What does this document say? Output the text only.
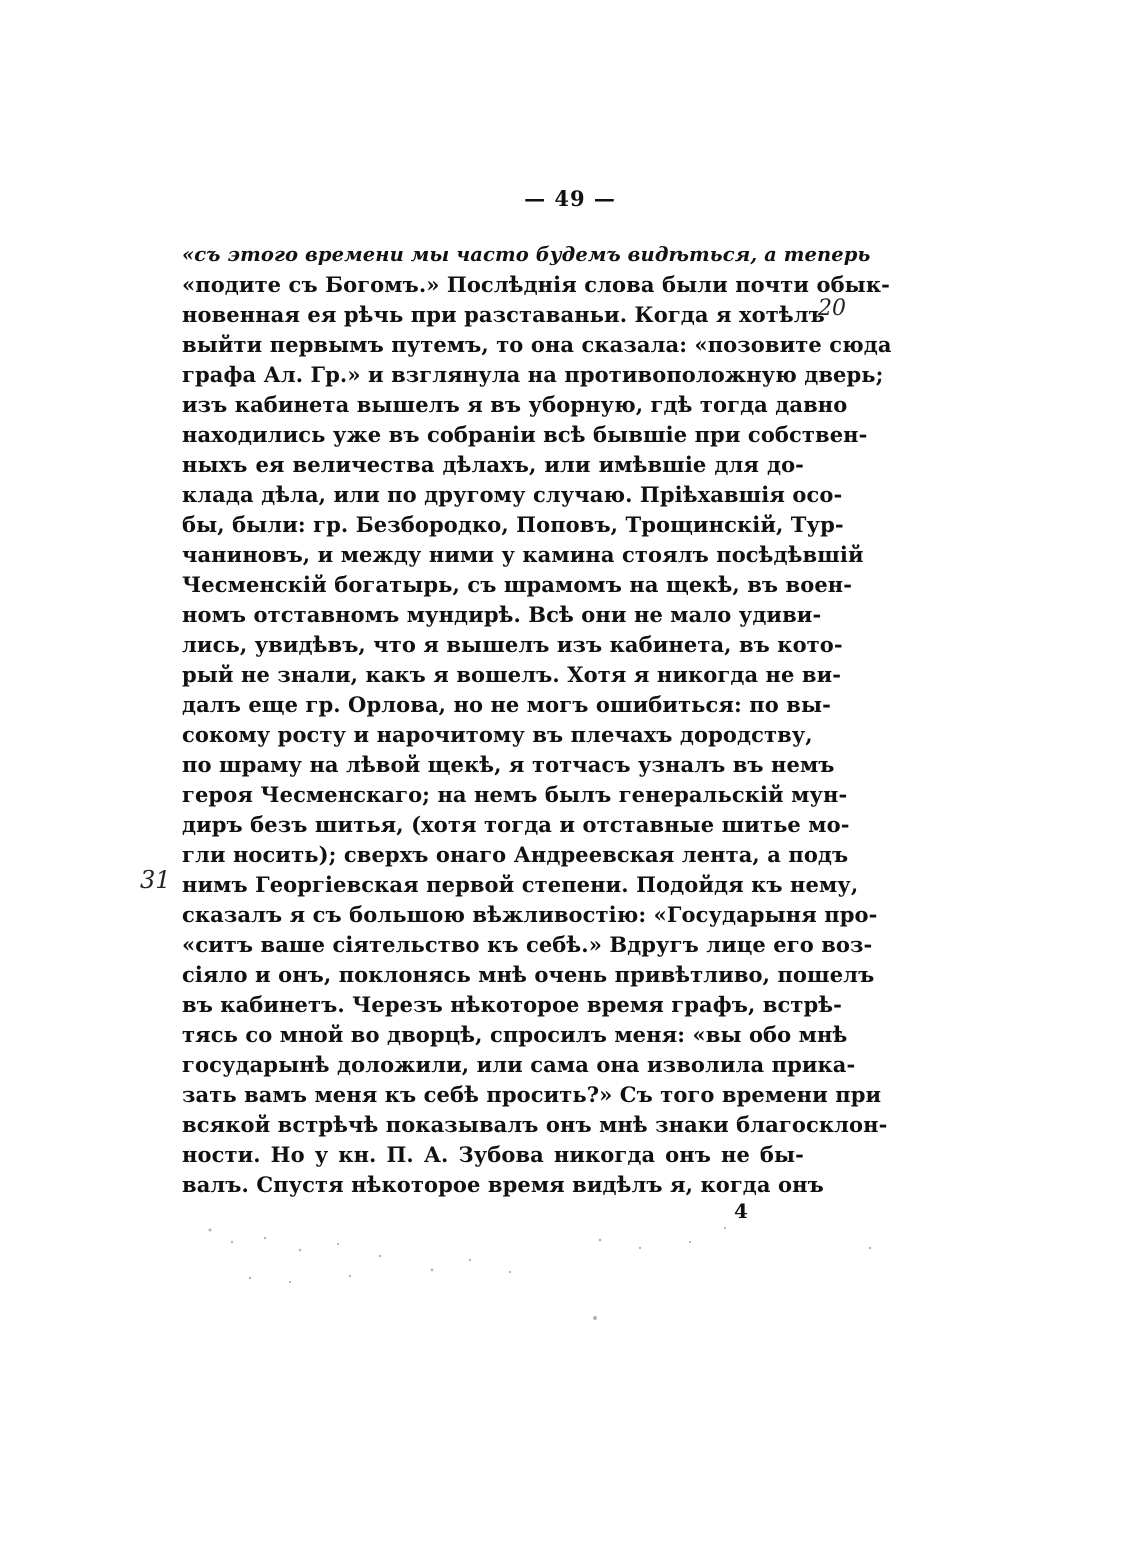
— 49 —
«съ этого времени мы часто будемъ видѣться, а теперь
«подите съ Богомъ.» Послѣднія слова были почти обык-
новенная ея рѣчь при разставаньи. Когда я хотѣлъ
выйти первымъ путемъ, то она сказала: «позовите сюда
графа Ал. Гр.» и взглянула на противоположную дверь;
изъ кабинета вышелъ я въ уборную, гдѣ тогда давно
находились уже въ собраніи всѣ бывшіе при собствен-
ныхъ ея величества дѣлахъ, или имѣвшіе для до-
клада дѣла, или по другому случаю. Пріѣхавшія осо-
бы, были: гр. Безбородко, Поповъ, Трощинскій, Тур-
чаниновъ, и между ними у камина стоялъ посѣдѣвшій
Чесменскій богатырь, съ шрамомъ на щекѣ, въ воен-
номъ отставномъ мундирѣ. Всѣ они не мало удиви-
лись, увидѣвъ, что я вышелъ изъ кабинета, въ кото-
рый не знали, какъ я вошелъ. Хотя я никогда не ви-
далъ еще гр. Орлова, но не могъ ошибиться: по вы-
сокому росту и нарочитому въ плечахъ дородству,
по шраму на лѣвой щекѣ, я тотчасъ узналъ въ немъ
героя Чесменскаго; на немъ былъ генеральскій мун-
диръ безъ шитья, (хотя тогда и отставные шитье мо-
гли носить); сверхъ онаго Андреевская лента, а подъ
нимъ Георгіевская первой степени. Подойдя къ нему,
сказалъ я съ большою вѣжливостію: «Государыня про-
«ситъ ваше сіятельство къ себѣ.» Вдругъ лице его воз-
сіяло и онъ, поклонясь мнѣ очень привѣтливо, пошелъ
въ кабинетъ. Черезъ нѣкоторое время графъ, встрѣ-
тясь со мной во дворцѣ, спросилъ меня: «вы обо мнѣ
государынѣ доложили, или сама она изволила прика-
зать вамъ меня къ себѣ просить?» Съ того времени при
всякой встрѣчѣ показывалъ онъ мнѣ знаки благосклон-
ности. Но у кн. П. А. Зубова никогда онъ не бы-
валъ. Спустя нѣкоторое время видѣлъ я, когда онъ
4
20
31
